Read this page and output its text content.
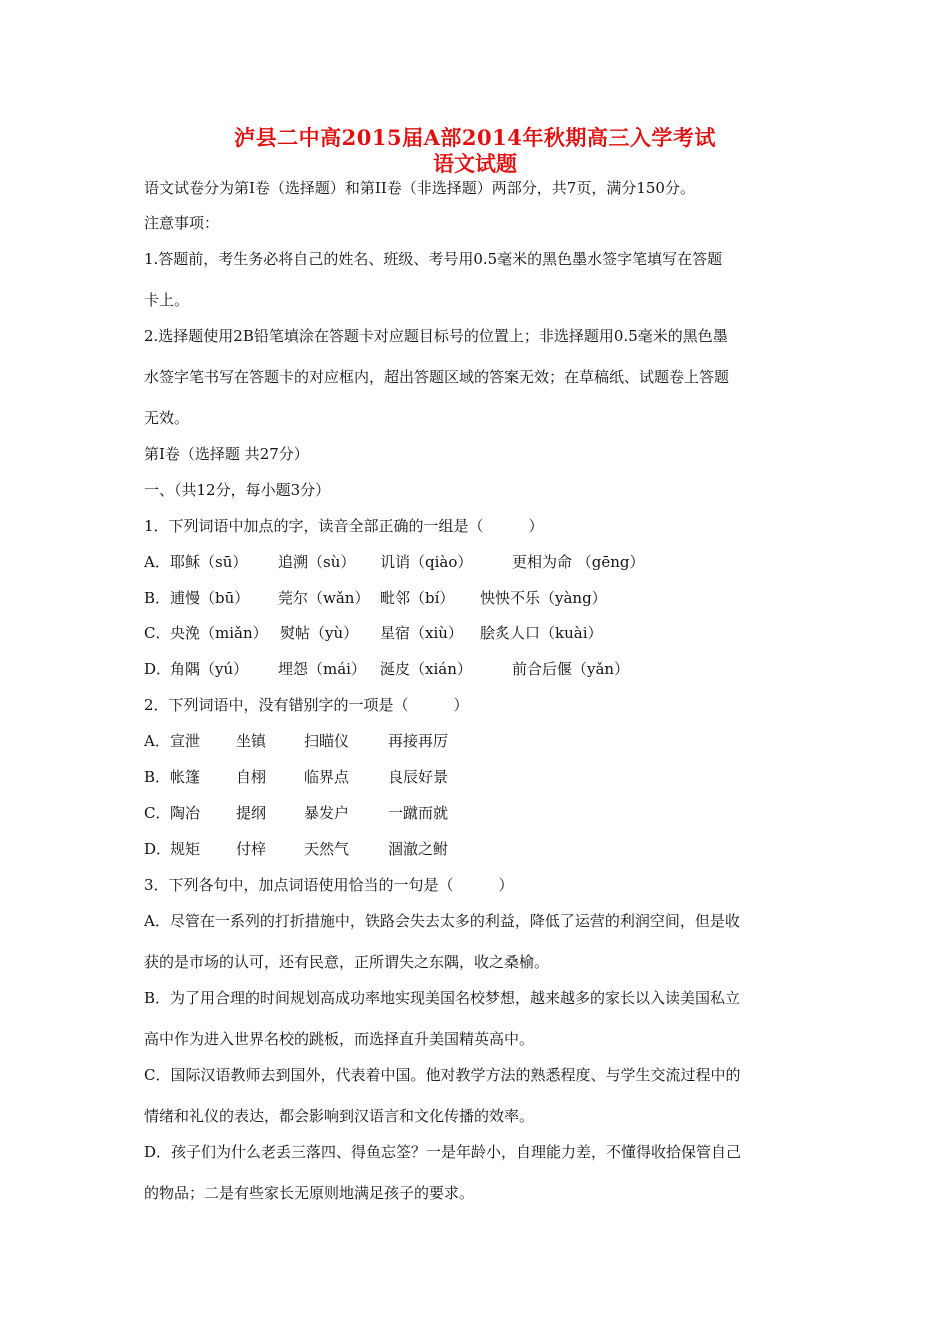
泸县二中高2015届A部2014年秋期高三入学考试
语文试题
语文试卷分为第Ⅰ卷（选择题）和第II卷（非选择题）两部分，共7页，满分150分。
注意事项：
1.答题前，考生务必将自己的姓名、班级、考号用0.5毫米的黑色墨水签字笔填写在答题
卡上。
2.选择题使用2B铅笔填涂在答题卡对应题目标号的位置上；非选择题用0.5毫米的黑色墨
水签字笔书写在答题卡的对应框内，超出答题区域的答案无效；在草稿纸、试题卷上答题
无效。
第Ⅰ卷（选择题 共27分）
一、（共12分，每小题3分）
1．下列词语中加点的字，读音全部正确的一组是（　　　）
A． 耶稣（sū） 追溯（sù） 讥诮（qiào）	更相为命 （gēng）
B． 逋慢（bū） 莞尔（wǎn） 毗邻（bí） 怏怏不乐（yàng）
C． 央浼（miǎn） 熨帖（yù） 星宿（xiù） 脍炙人口（kuài）
D．
角隅（yú） 埋怨（mái） 涎皮（xián）	前合后偃（yǎn）
2．下列词语中，没有错别字的一项是（　　　）
A． 宣泄 坐镇	扫瞄仪	再接再厉
B． 帐篷 自栩	临界点	良辰好景
C． 陶冶 提纲	暴发户	一蹴而就
D．
规矩 付梓	天然气	涸澈之鲋
3．下列各句中，加点词语使用恰当的一句是（　　　）
A．尽管在一系列的打折措施中，铁路会失去太多的利益，降低了运营的利润空间，但是收
获的是市场的认可，还有民意，正所谓失之东隅，收之桑榆。
B．为了用合理的时间规划高成功率地实现美国名校梦想，越来越多的家长以入读美国私立
高中作为进入世界名校的跳板，而选择直升美国精英高中。
C．国际汉语教师去到国外，代表着中国。他对教学方法的熟悉程度、与学生交流过程中的
情绪和礼仪的表达，都会影响到汉语言和文化传播的效率。
D．孩子们为什么老丢三落四、得鱼忘筌？一是年龄小，自理能力差，不懂得收拾保管自己
的物品；二是有些家长无原则地满足孩子的要求。
